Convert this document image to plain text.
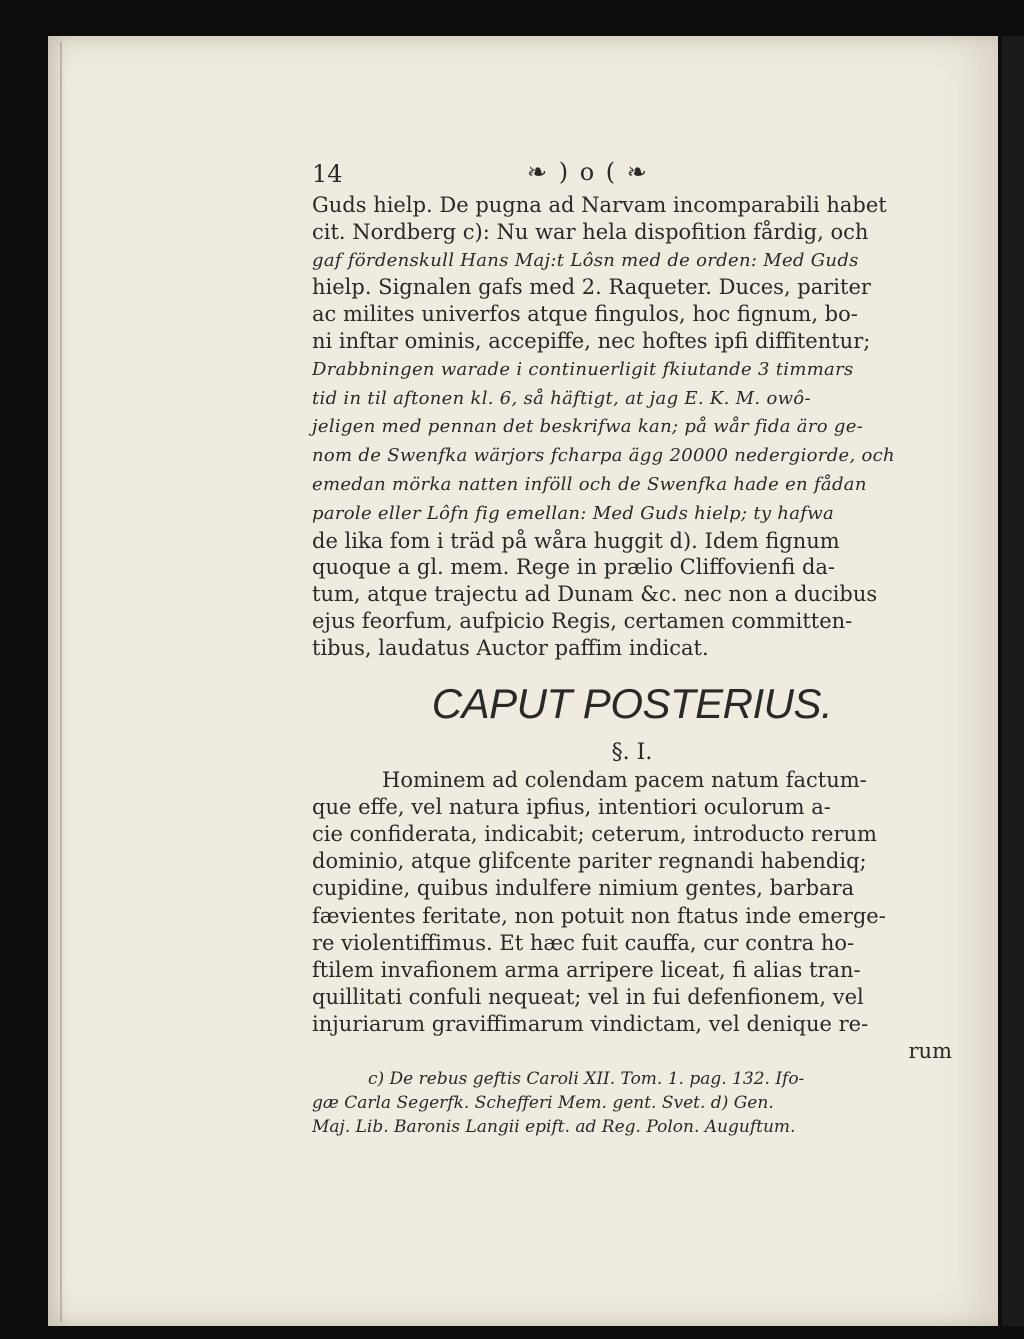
14	❧ ) o ( ❧

Guds hielp. De pugna ad Narvam incomparabili habet
cit. Nordberg c): Nu war hela dispofition fårdig, och
gaf fördenskull Hans Maj:t Lôsn med de orden: Med Guds
hielp. Signalen gafs med 2. Raqueter. Duces, pariter
ac milites univerfos atque fingulos, hoc fignum, bo-
ni inftar ominis, accepiffe, nec hoftes ipfi diffitentur;
Drabbningen warade i continuerligit fkiutande 3 timmars
tid in til aftonen kl. 6, så häftigt, at jag E. K. M. owô-
jeligen med pennan det beskrifwa kan; på wår fida äro ge-
nom de Swenfka wärjors fcharpa ägg 20000 nedergiorde, och
emedan mörka natten inföll och de Swenfka hade en fådan
parole eller Lôfn fig emellan: Med Guds hielp; ty hafwa
de lika fom i träd på wåra huggit d). Idem fignum
quoque a gl. mem. Rege in prælio Cliffovienfi da-
tum, atque trajectu ad Dunam &c. nec non a ducibus
ejus feorfum, aufpicio Regis, certamen committen-
tibus, laudatus Auctor paffim indicat.

CAPUT POSTERIUS.
§. I.

Hominem ad colendam pacem natum factum-
que effe, vel natura ipfius, intentiori oculorum a-
cie confiderata, indicabit; ceterum, introducto rerum
dominio, atque glifcente pariter regnandi habendiq;
cupidine, quibus indulfere nimium gentes, barbara
fævientes feritate, non potuit non ftatus inde emerge-
re violentiffimus. Et hæc fuit cauffa, cur contra ho-
ftilem invafionem arma arripere liceat, fi alias tran-
quillitati confuli nequeat; vel in fui defenfionem, vel
injuriarum graviffimarum vindictam, vel denique re-

rum

c) De rebus geftis Caroli XII. Tom. 1. pag. 132. Ifo-
gæ Carla Segerfk. Schefferi Mem. gent. Svet. d) Gen.
Maj. Lib. Baronis Langii epift. ad Reg. Polon. Auguftum.
